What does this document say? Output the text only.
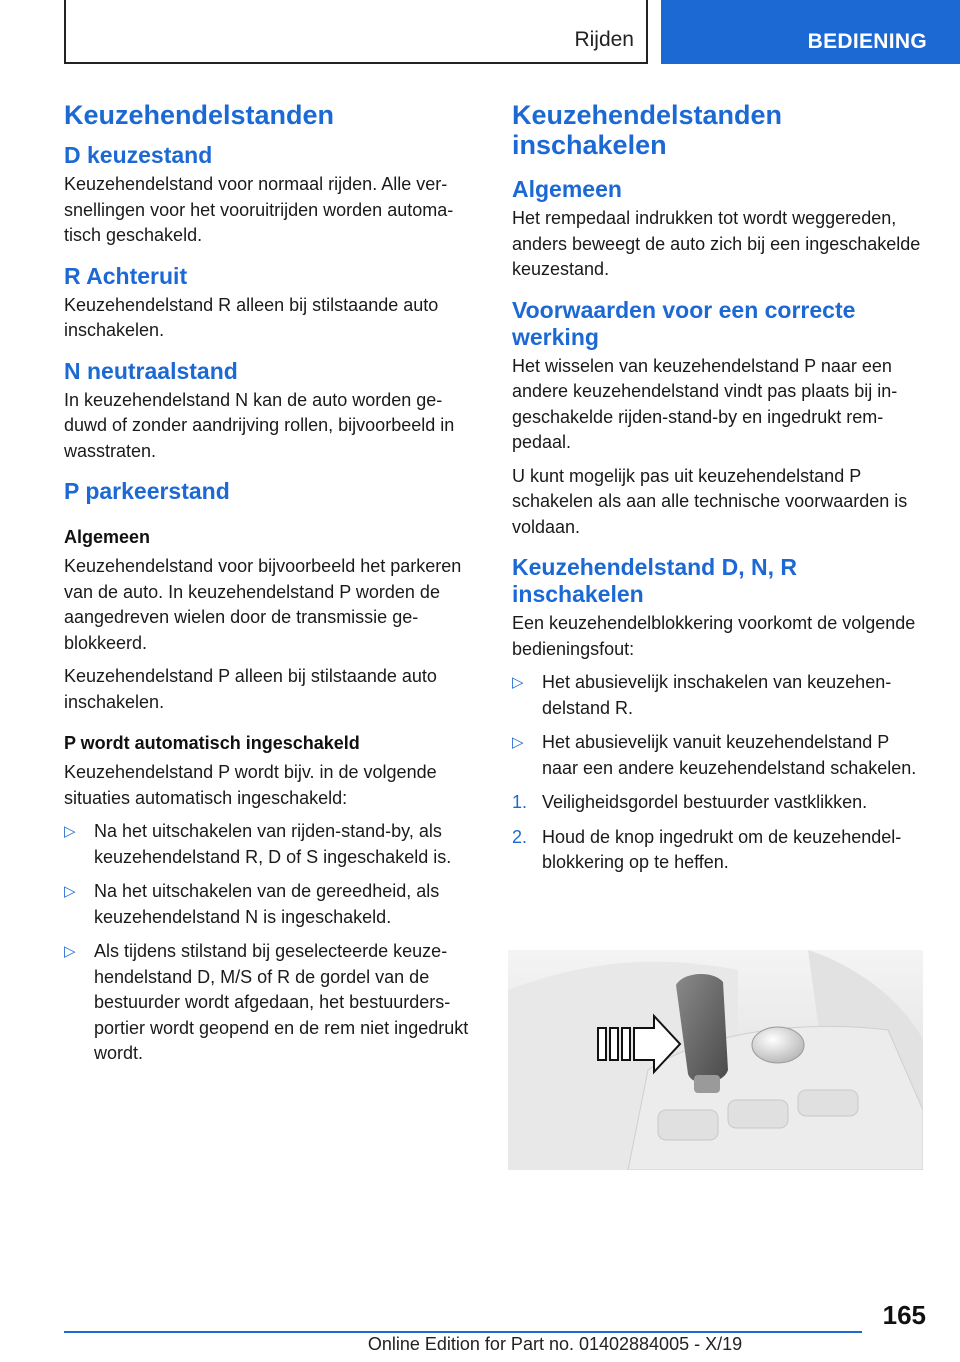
Rijden	BEDIENING
Keuzehendelstanden
D keuzestand

Keuzehendelstand voor normaal rijden. Alle versnellingen voor het vooruitrijden worden automatisch geschakeld.

R Achteruit

Keuzehendelstand R alleen bij stilstaande auto inschakelen.

N neutraalstand

In keuzehendelstand N kan de auto worden geduwd of zonder aandrijving rollen, bijvoorbeeld in wasstraten.

P parkeerstand
Algemeen

Keuzehendelstand voor bijvoorbeeld het parkeren van de auto. In keuzehendelstand P worden de aangedreven wielen door de transmissie geblokkeerd.

Keuzehendelstand P alleen bij stilstaande auto inschakelen.

P wordt automatisch ingeschakeld

Keuzehendelstand P wordt bijv. in de volgende situaties automatisch ingeschakeld:

▷ Na het uitschakelen van rijden-stand-by, als keuzehendelstand R, D of S ingeschakeld is.
▷ Na het uitschakelen van de gereedheid, als keuzehendelstand N is ingeschakeld.
▷ Als tijdens stilstand bij geselecteerde keuzehendelstand D, M/S of R de gordel van de bestuurder wordt afgedaan, het bestuurdersportier wordt geopend en de rem niet ingedrukt wordt.
Keuzehendelstanden inschakelen
Algemeen

Het rempedaal indrukken tot wordt weggereden, anders beweegt de auto zich bij een ingeschakelde keuzestand.

Voorwaarden voor een correcte werking

Het wisselen van keuzehendelstand P naar een andere keuzehendelstand vindt pas plaats bij ingeschakelde rijden-stand-by en ingedrukt rempedaal.

U kunt mogelijk pas uit keuzehendelstand P schakelen als aan alle technische voorwaarden is voldaan.

Keuzehendelstand D, N, R inschakelen

Een keuzehendelblokkering voorkomt de volgende bedieningsfout:

▷ Het abusievelijk inschakelen van keuzehendelstand R.
▷ Het abusievelijk vanuit keuzehendelstand P naar een andere keuzehendelstand schakelen.
1. Veiligheidsgordel bestuurder vastklikken.
2. Houd de knop ingedrukt om de keuzehendelblokkering op te heffen.
165
Online Edition for Part no. 01402884005 - X/19
